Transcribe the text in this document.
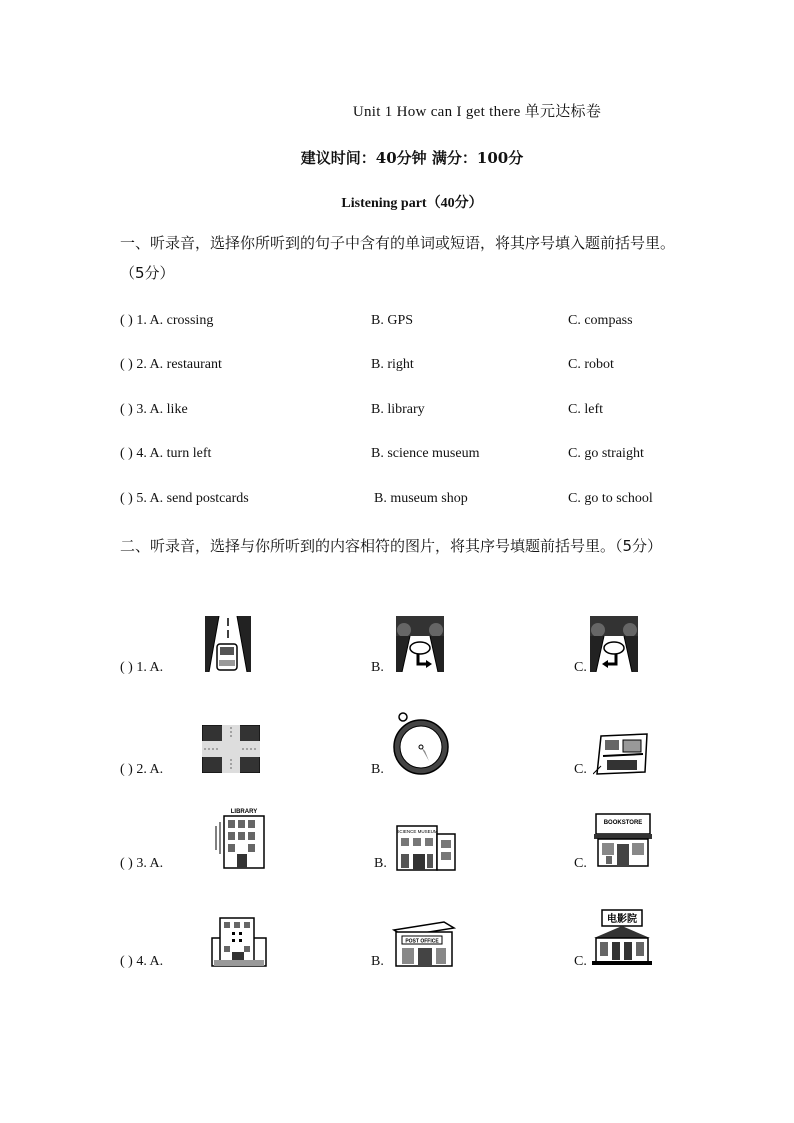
Unit 1 How can I get there 单元达标卷
建议时间：40分钟 满分：100分
Listening part（40分）
一、听录音，选择你所听到的句子中含有的单词或短语，将其序号填入题前括号里。（5分）
( ) 1. A. crossing	B. GPS	C. compass
( ) 2. A. restaurant	B. right	C. robot
( ) 3. A. like	B. library	C. left
( ) 4. A. turn left	B. science museum	C. go straight
( ) 5. A. send postcards	B. museum shop	C. go to school
二、听录音，选择与你所听到的内容相符的图片，将其序号填题前括号里。（5分）
( ) 1. A.	B.	C.
( ) 2. A.	B.	C.
( ) 3. A.	B.	C.
LIBRARY
SCIENCE MUSEUM
BOOKSTORE
( ) 4. A.	B.	C.
POST OFFICE
电影院
